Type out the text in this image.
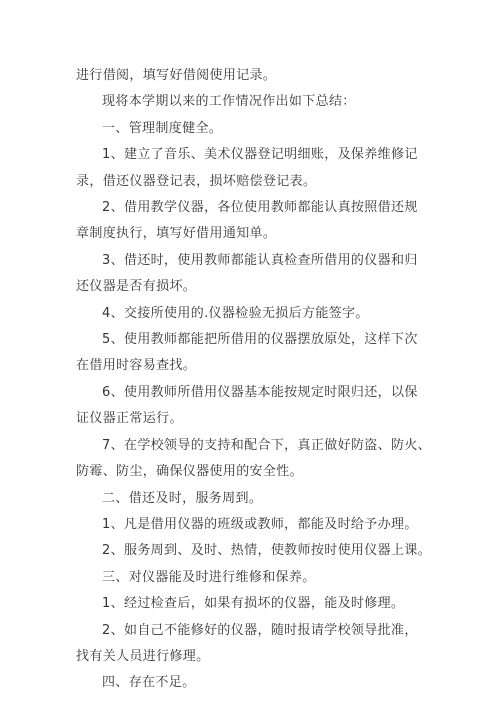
进行借阅，填写好借阅使用记录。
现将本学期以来的工作情况作出如下总结：
一、管理制度健全。
1、建立了音乐、美术仪器登记明细账，及保养维修记
录，借还仪器登记表，损坏赔偿登记表。
2、借用教学仪器，各位使用教师都能认真按照借还规
章制度执行，填写好借用通知单。
3、借还时，使用教师都能认真检查所借用的仪器和归
还仪器是否有损坏。
4、交接所使用的.仪器检验无损后方能签字。
5、使用教师都能把所借用的仪器摆放原处，这样下次
在借用时容易查找。
6、使用教师所借用仪器基本能按规定时限归还，以保
证仪器正常运行。
7、在学校领导的支持和配合下，真正做好防盗、防火、
防霉、防尘，确保仪器使用的安全性。
二、借还及时，服务周到。
1、凡是借用仪器的班级或教师，都能及时给予办理。
2、服务周到、及时、热情，使教师按时使用仪器上课。
三、对仪器能及时进行维修和保养。
1、经过检查后，如果有损坏的仪器，能及时修理。
2、如自己不能修好的仪器，随时报请学校领导批准，
找有关人员进行修理。
四、存在不足。
